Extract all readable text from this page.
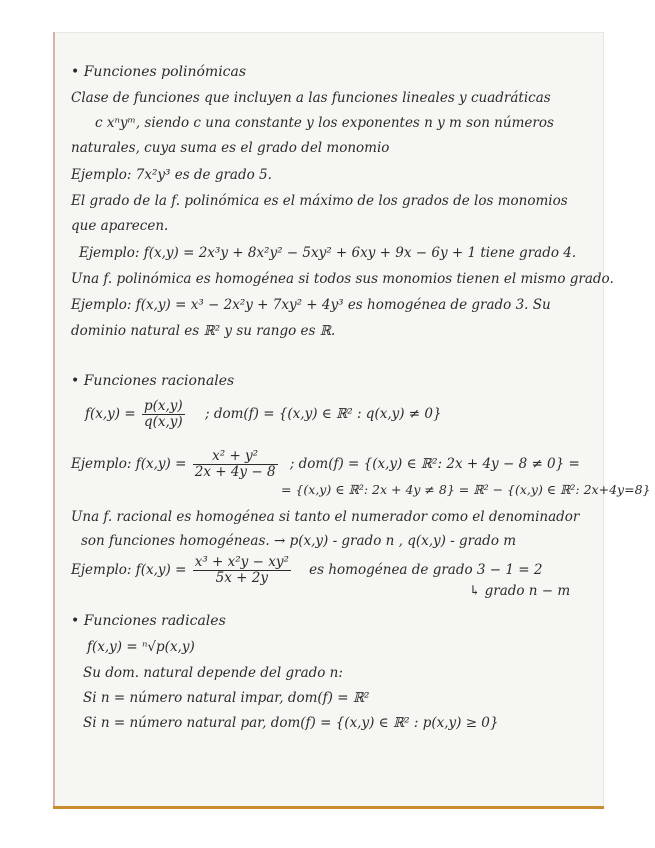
• Funciones polinómicas
Clase de funciones que incluyen a las funciones lineales y cuadráticas
c xⁿyᵐ, siendo c una constante y los exponentes n y m son números
naturales, cuya suma es el grado del monomio
Ejemplo: 7x²y³ es de grado 5.
El grado de la f. polinómica es el máximo de los grados de los monomios
que aparecen.
Ejemplo: f(x,y) = 2x³y + 8x²y² − 5xy² + 6xy + 9x − 6y + 1 tiene grado 4.
Una f. polinómica es homogénea si todos sus monomios tienen el mismo grado.
Ejemplo: f(x,y) = x³ − 2x²y + 7xy² + 4y³ es homogénea de grado 3. Su
dominio natural es ℝ² y su rango es ℝ.
• Funciones racionales
$f(x,y) = \frac{p(x,y)}{q(x,y)}$ ; dom(f) = {(x,y) ∈ ℝ² : q(x,y) ≠ 0}
Ejemplo: $f(x,y) = \frac{\text{x² + y²}}{2x + 4y - 8}$ ; dom(f) = {(x,y) ∈ ℝ²: 2x + 4y − 8 ≠ 0} =
= {(x,y) ∈ ℝ²: 2x + 4y ≠ 8} = ℝ² − {(x,y) ∈ ℝ²: 2x+4y=8}
Una f. racional es homogénea si tanto el numerador como el denominador
son funciones homogéneas. → p(x,y) - grado n , q(x,y) - grado m
Ejemplo: $f(x,y) = \frac{\text{x³ + x²y − xy²}}{5x + 2y}$ es homogénea de grado 3 − 1 = 2
↳ grado n − m
• Funciones radicales
f(x,y) = ⁿ√p(x,y)
Su dom. natural depende del grado n:
Si n = número natural impar, dom(f) = ℝ²
Si n = número natural par, dom(f) = {(x,y) ∈ ℝ² : p(x,y) ≥ 0}
